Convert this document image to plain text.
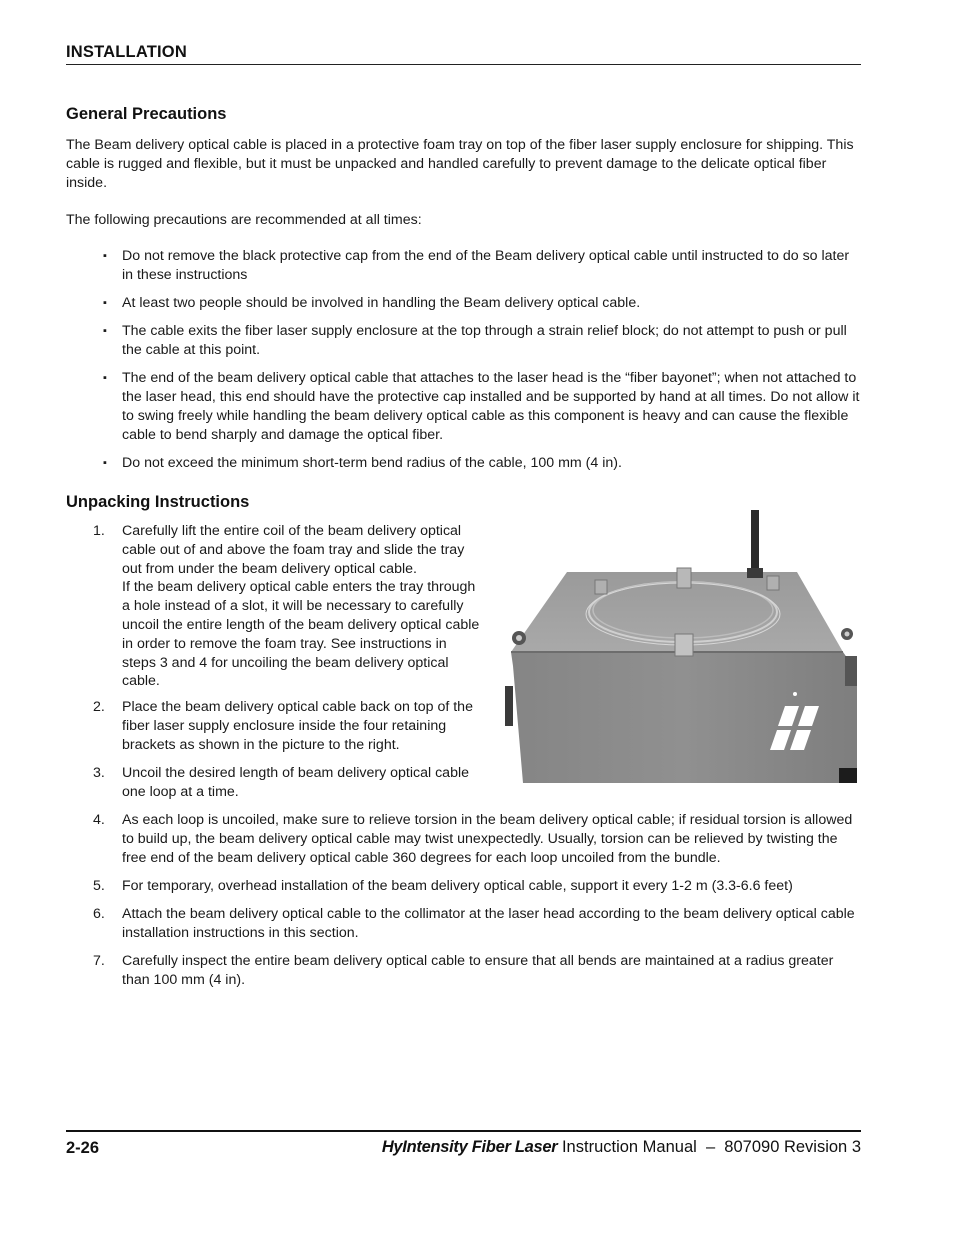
INSTALLATION
General Precautions

The Beam delivery optical cable is placed in a protective foam tray on top of the fiber laser supply enclosure for shipping. This cable is rugged and flexible, but it must be unpacked and handled carefully to prevent damage to the delicate optical fiber inside.

The following precautions are recommended at all times:

▪ Do not remove the black protective cap from the end of the Beam delivery optical cable until instructed to do so later in these instructions
▪ At least two people should be involved in handling the Beam delivery optical cable.
▪ The cable exits the fiber laser supply enclosure at the top through a strain relief block; do not attempt to push or pull the cable at this point.
▪ The end of the beam delivery optical cable that attaches to the laser head is the “fiber bayonet”; when not attached to the laser head, this end should have the protective cap installed and be supported by hand at all times. Do not allow it to swing freely while handling the beam delivery optical cable as this component is heavy and can cause the flexible cable to bend sharply and damage the optical fiber.
▪ Do not exceed the minimum short-term bend radius of the cable, 100 mm (4 in).
Unpacking Instructions
1. Carefully lift the entire coil of the beam delivery optical cable out of and above the foam tray and slide the tray out from under the beam delivery optical cable.
If the beam delivery optical cable enters the tray through a hole instead of a slot, it will be necessary to carefully uncoil the entire length of the beam delivery optical cable in order to remove the foam tray. See instructions in steps 3 and 4 for uncoiling the beam delivery optical cable.
2. Place the beam delivery optical cable back on top of the fiber laser supply enclosure inside the four retaining brackets as shown in the picture to the right.
3. Uncoil the desired length of beam delivery optical cable one loop at a time.
4. As each loop is uncoiled, make sure to relieve torsion in the beam delivery optical cable; if residual torsion is allowed to build up, the beam delivery optical cable may twist unexpectedly. Usually, torsion can be relieved by twisting the free end of the beam delivery optical cable 360 degrees for each loop uncoiled from the bundle.
5. For temporary, overhead installation of the beam delivery optical cable, support it every 1-2 m (3.3-6.6 feet)
6. Attach the beam delivery optical cable to the collimator at the laser head according to the beam delivery optical cable installation instructions in this section.
7. Carefully inspect the entire beam delivery optical cable to ensure that all bends are maintained at a radius greater than 100 mm (4 in).
2-26	HyIntensity Fiber Laser Instruction Manual  –  807090 Revision 3
